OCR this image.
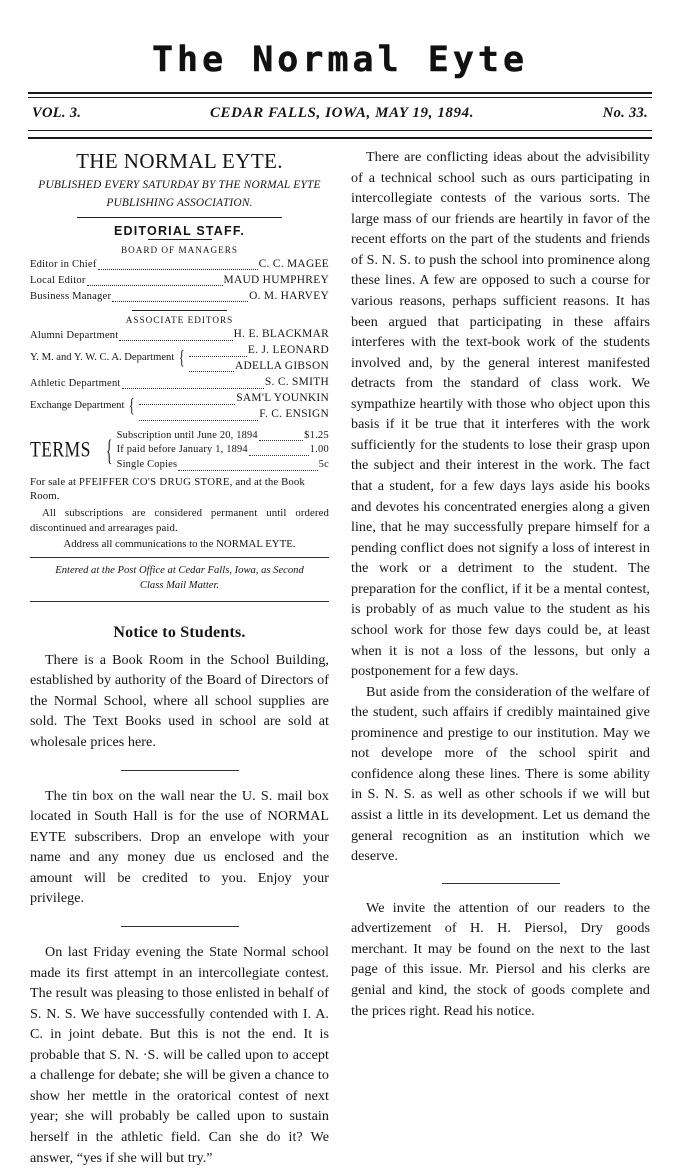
The Normal Eyte
VOL. 3.	CEDAR FALLS, IOWA, MAY 19, 1894.	No. 33.
THE NORMAL EYTE.
PUBLISHED EVERY SATURDAY BY THE NORMAL EYTE
PUBLISHING ASSOCIATION.
EDITORIAL STAFF.
BOARD OF MANAGERS
Editor in Chief	C. C. MAGEE
Local Editor	MAUD HUMPHREY
Business Manager	O. M. HARVEY
ASSOCIATE EDITORS
Alumni Department	H. E. BLACKMAR
Y. M. and Y. W. C. A. Department {	E. J. LEONARD
ADELLA GIBSON
Athletic Department	S. C. SMITH
Exchange Department {	SAM'L YOUNKIN
F. C. ENSIGN
TERMS { Subscription until June 20, 1894	$1.25
If paid before January 1, 1894	1.00
Single Copies	5c
For sale at PFEIFFER CO'S DRUG STORE, and at the Book Room.
All subscriptions are considered permanent until ordered discontinued and arrearages paid.
Address all communications to the NORMAL EYTE.
Entered at the Post Office at Cedar Falls, Iowa, as Second
Class Mail Matter.
Notice to Students.

There is a Book Room in the School Building, established by authority of the Board of Directors of the Normal School, where all school supplies are sold. The Text Books used in school are sold at wholesale prices here.

The tin box on the wall near the U. S. mail box located in South Hall is for the use of NORMAL EYTE subscribers. Drop an envelope with your name and any money due us enclosed and the amount will be credited to you. Enjoy your privilege.

On last Friday evening the State Normal school made its first attempt in an intercollegiate contest. The result was pleasing to those enlisted in behalf of S. N. S. We have successfully contended with I. A. C. in joint debate. But this is not the end. It is probable that S. N. ·S. will be called upon to accept a challenge for debate; she will be given a chance to show her mettle in the oratorical contest of next year; she will probably be called upon to sustain herself in the athletic field. Can she do it? We answer, “yes if she will but try.”

There are conflicting ideas about the advisibility of a technical school such as ours participating in intercollegiate contests of the various sorts. The large mass of our friends are heartily in favor of the recent efforts on the part of the students and friends of S. N. S. to push the school into prominence along these lines. A few are opposed to such a course for various reasons, perhaps sufficient reasons. It has been argued that participating in these affairs interferes with the text-book work of the students involved and, by the general interest manifested detracts from the standard of class work. We sympathize heartily with those who object upon this basis if it be true that it interferes with the work sufficiently for the students to lose their grasp upon the subject and their interest in the work. The fact that a student, for a few days lays aside his books and devotes his concentrated energies along a given line, that he may successfully prepare himself for a pending conflict does not signify a loss of interest in the work or a detriment to the student. The preparation for the conflict, if it be a mental contest, is probably of as much value to the student as his school work for those few days could be, at least when it is not a loss of the lessons, but only a postponement for a few days.

But aside from the consideration of the welfare of the student, such affairs if credibly maintained give prominence and prestige to our institution. May we not develope more of the school spirit and confidence along these lines. There is some ability in S. N. S. as well as other schools if we will but assist a little in its development. Let us demand the general recognition as an institution which we deserve.

We invite the attention of our readers to the advertizement of H. H. Piersol, Dry goods merchant. It may be found on the next to the last page of this issue. Mr. Piersol and his clerks are genial and kind, the stock of goods complete and the prices right. Read his notice.
